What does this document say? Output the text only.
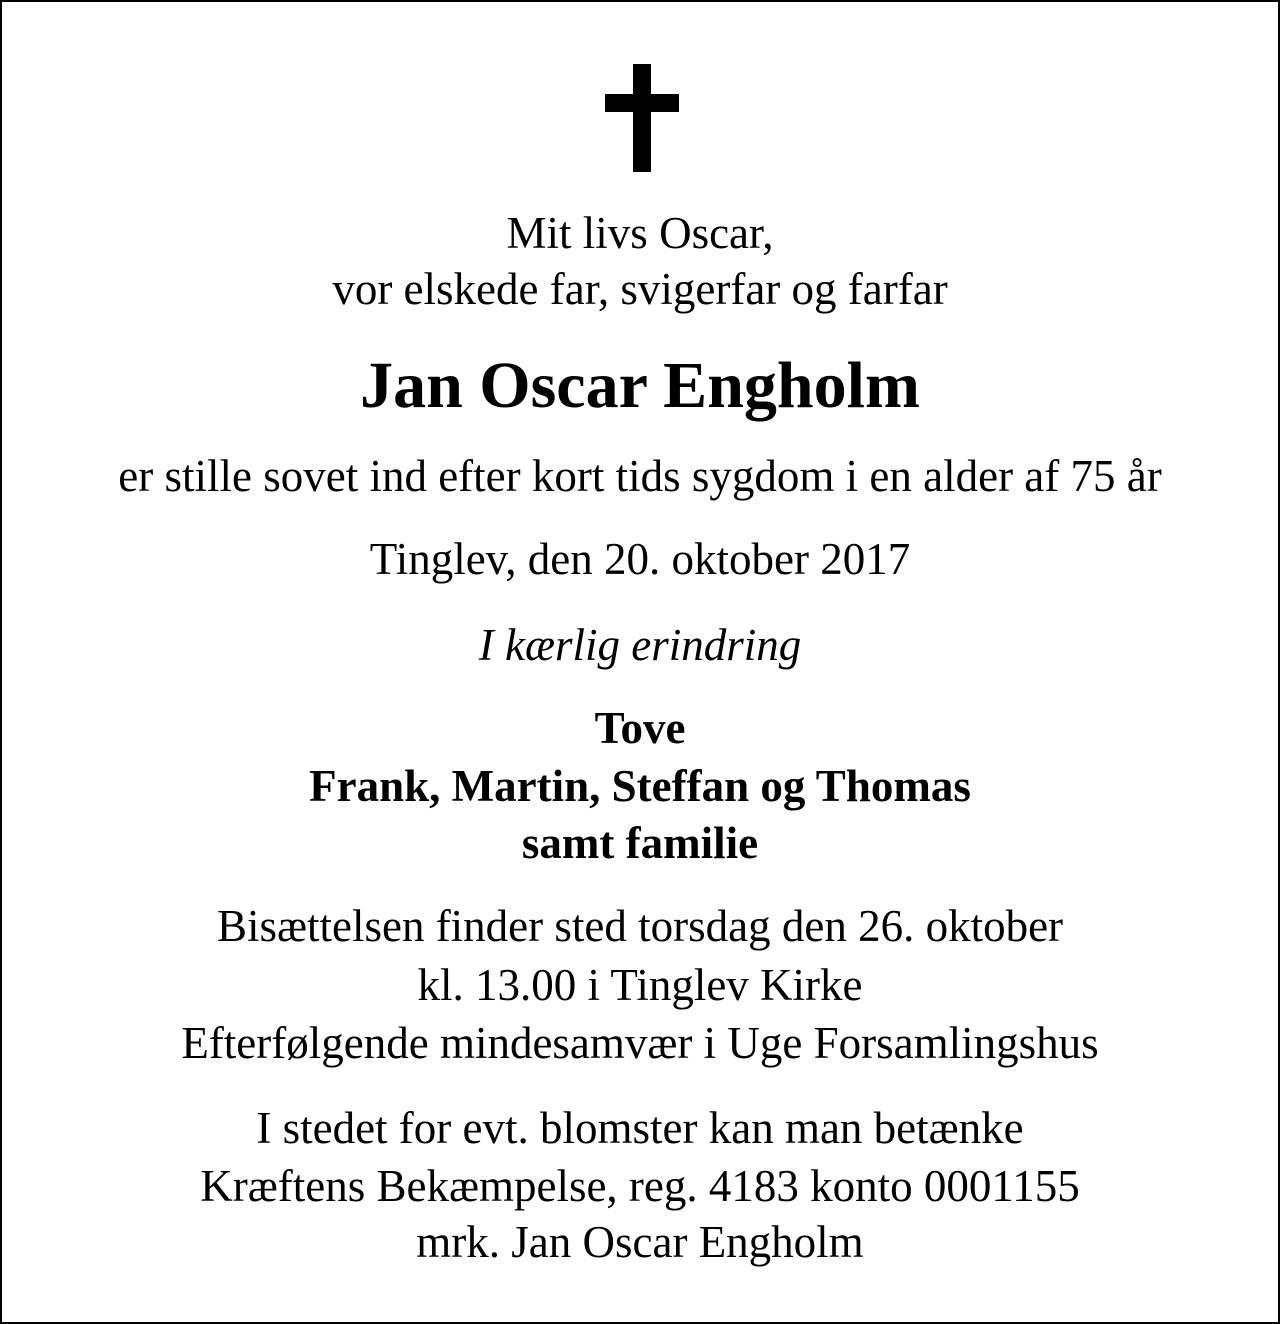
Mit livs Oscar,
vor elskede far, svigerfar og farfar
Jan Oscar Engholm
er stille sovet ind efter kort tids sygdom i en alder af 75 år
Tinglev, den 20. oktober 2017
I kærlig erindring
Tove
Frank, Martin, Steffan og Thomas
samt familie
Bisættelsen finder sted torsdag den 26. oktober
kl. 13.00 i Tinglev Kirke
Efterfølgende mindesamvær i Uge Forsamlingshus
I stedet for evt. blomster kan man betænke
Kræftens Bekæmpelse, reg. 4183 konto 0001155
mrk. Jan Oscar Engholm
